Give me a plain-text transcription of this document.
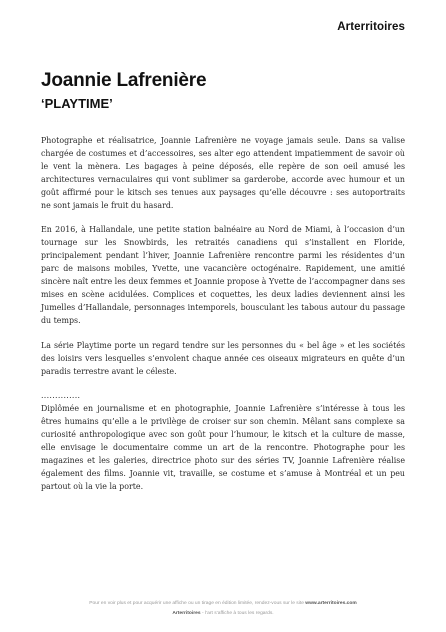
Arterritoires
Joannie Lafrenière
‘PLAYTIME’

Photographe et réalisatrice, Joannie Lafrenière ne voyage jamais seule. Dans sa valise chargée de costumes et d’accessoires, ses alter ego attendent impatiemment de savoir où le vent la mènera. Les bagages à peine déposés, elle repère de son oeil amusé les architectures vernaculaires qui vont sublimer sa garderobe, accorde avec humour et un goût affirmé pour le kitsch ses tenues aux paysages qu’elle découvre : ses autoportraits ne sont jamais le fruit du hasard.

En 2016, à Hallandale, une petite station balnéaire au Nord de Miami, à l’occasion d’un tournage sur les Snowbirds, les retraités canadiens qui s’installent en Floride, principalement pendant l’hiver, Joannie Lafrenière rencontre parmi les résidentes d’un parc de maisons mobiles, Yvette, une vacancière octogénaire. Rapidement, une amitié sincère naît entre les deux femmes et Joannie propose à Yvette de l’accompagner dans ses mises en scène acidulées. Complices et coquettes, les deux ladies deviennent ainsi les Jumelles d’Hallandale, personnages intemporels, bousculant les tabous autour du passage du temps.

La série Playtime porte un regard tendre sur les personnes du « bel âge » et les sociétés des loisirs vers lesquelles s’envolent chaque année ces oiseaux migrateurs en quête d’un paradis terrestre avant le céleste.

..............

Diplômée en journalisme et en photographie, Joannie Lafrenière s’intéresse à tous les êtres humains qu’elle a le privilège de croiser sur son chemin. Mêlant sans complexe sa curiosité anthropologique avec son goût pour l’humour, le kitsch et la culture de masse, elle envisage le documentaire comme un art de la rencontre. Photographe pour les magazines et les galeries, directrice photo sur des séries TV, Joannie Lafrenière réalise également des films. Joannie vit, travaille, se costume et s’amuse à Montréal et un peu partout où la vie la porte.

Pour en voir plus et pour acquérir une affiche ou un tirage en édition limitée, rendez-vous sur le site www.arterritoires.com
Arterritoires - l’art s’affiche à tous les regards.
